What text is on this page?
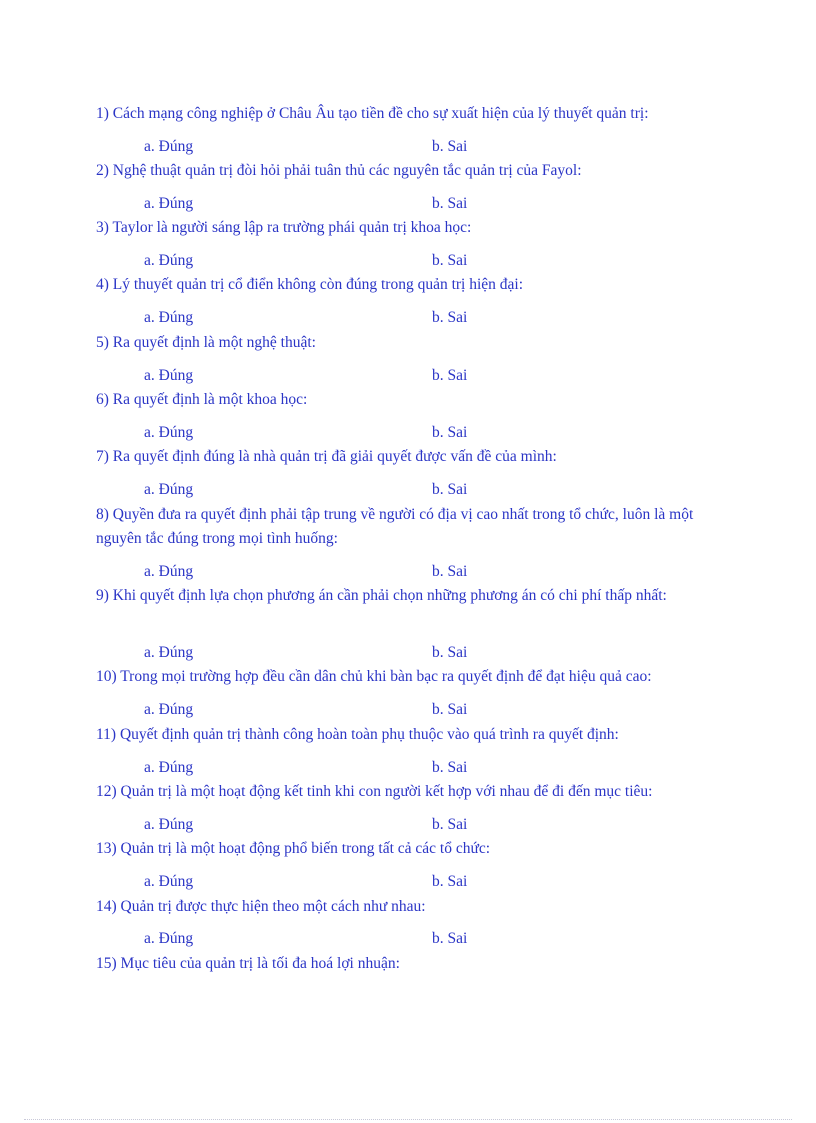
1) Cách mạng công nghiệp ở Châu Âu tạo tiền đề cho sự xuất hiện của lý thuyết quản trị:
a. Đúng	b. Sai
2) Nghệ thuật quản trị đòi hỏi phải tuân thủ các nguyên tắc quản trị của Fayol:
a. Đúng	b. Sai
3) Taylor là người sáng lập ra trường phái quản trị khoa học:
a. Đúng	b. Sai
4) Lý thuyết quản trị cổ điển không còn đúng trong quản trị hiện đại:
a. Đúng	b. Sai
5) Ra quyết định là một nghệ thuật:
a. Đúng	b. Sai
6) Ra quyết định là một khoa học:
a. Đúng	b. Sai
7) Ra quyết định đúng là nhà quản trị đã giải quyết được vấn đề của mình:
a. Đúng	b. Sai
8) Quyền đưa ra quyết định phải tập trung về người có địa vị cao nhất trong tổ chức, luôn là một nguyên tắc đúng trong mọi tình huống:
a. Đúng	b. Sai
9) Khi quyết định lựa chọn phương án cần phải chọn những phương án có chi phí thấp nhất:
a. Đúng	b. Sai
10) Trong mọi trường hợp đều cần dân chủ khi bàn bạc ra quyết định để đạt hiệu quả cao:
a. Đúng	b. Sai
11) Quyết định quản trị thành công hoàn toàn phụ thuộc vào quá trình ra quyết định:
a. Đúng	b. Sai
12) Quản trị là một hoạt động kết tinh khi con người kết hợp với nhau để đi đến mục tiêu:
a. Đúng	b. Sai
13) Quản trị là một hoạt động phổ biến trong tất cả các tổ chức:
a. Đúng	b. Sai
14) Quản trị được thực hiện theo một cách như nhau:
a. Đúng	b. Sai
15) Mục tiêu của quản trị là tối đa hoá lợi nhuận:
